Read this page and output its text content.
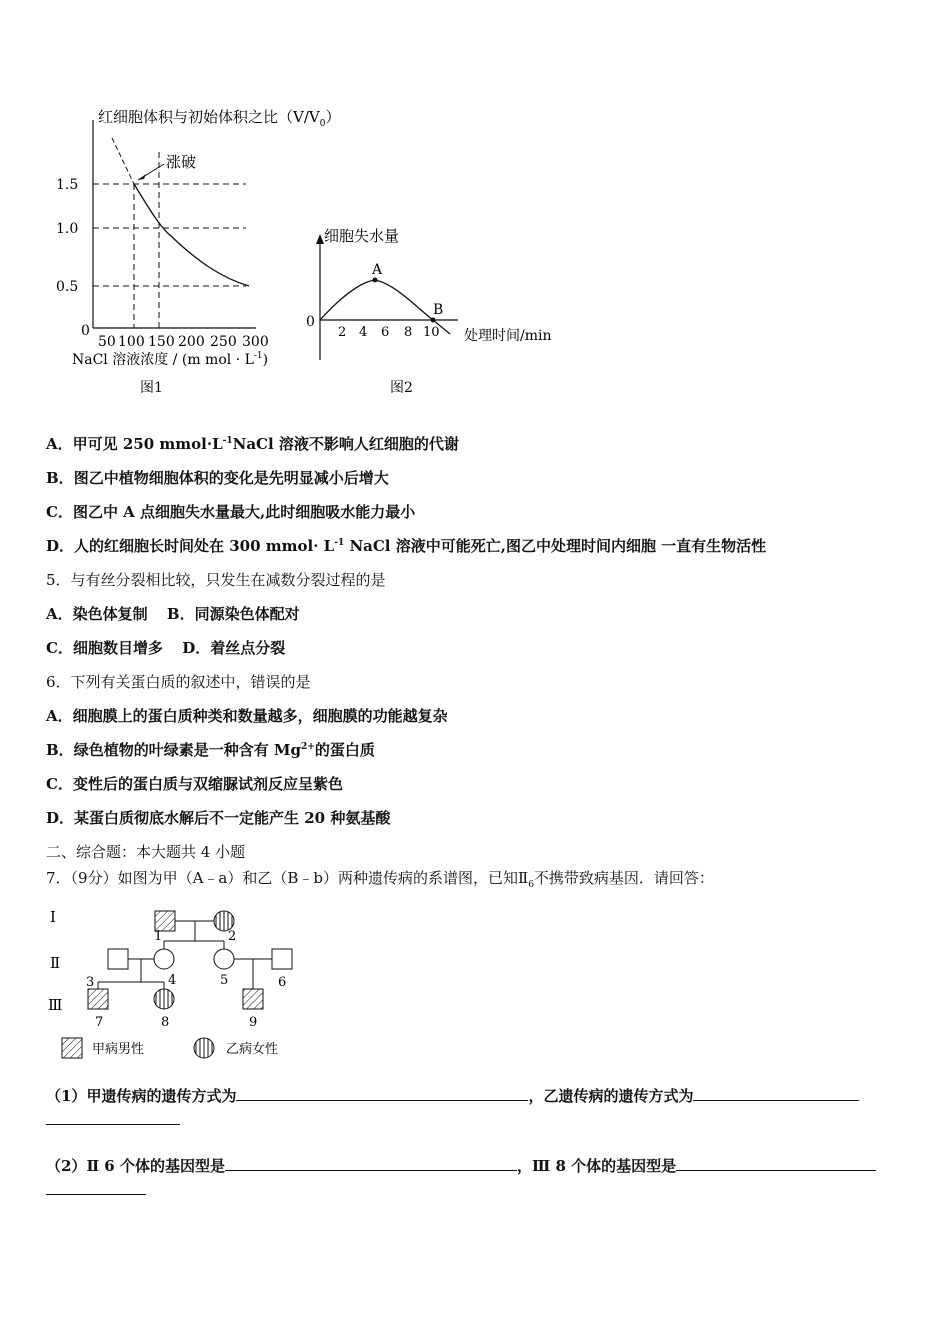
红细胞体积与初始体积之比$(V/V_0)$
涨破
1.5
1.0
0.5
0
50 100 150 200 250 300
NaCl 溶液浓度 / (m mol · $L^{-1}$)
图1
细胞失水量
0
2 4 6 8 10
A
B
处理时间/min
图2
A．甲可见 250 $mmol\cdot L^{-1}NaCl$ 溶液不影响人红细胞的代谢
B．图乙中植物细胞体积的变化是先明显减小后增大
C．图乙中 A 点细胞失水量最大,此时细胞吸水能力最小
D．人的红细胞长时间处在 300 mmol· $L^{-1}$ NaCl 溶液中可能死亡,图乙中处理时间内细胞 一直有生物活性
5．与有丝分裂相比较，只发生在减数分裂过程的是
A．染色体复制 B．同源染色体配对
C．细胞数目增多 D．着丝点分裂
6．下列有关蛋白质的叙述中，错误的是
A．细胞膜上的蛋白质种类和数量越多，细胞膜的功能越复杂
B．绿色植物的叶绿素是一种含有 $Mg^{2+}$的蛋白质
C．变性后的蛋白质与双缩脲试剂反应呈紫色
D．某蛋白质彻底水解后不一定能产生 20 种氨基酸
二、综合题：本大题共 4 小题
7．（9分）如图为甲（A﹣a）和乙（B﹣b）两种遗传病的系谱图，已知$Ⅱ_6$不携带致病基因．请回答：
Ⅰ
Ⅱ
Ⅲ
1	2
3	4	5	6
7	8	9
甲病男性	乙病女性
（1）甲遗传病的遗传方式为	，乙遗传病的遗传方式为
（2）Ⅱ 6 个体的基因型是	，Ⅲ 8 个体的基因型是
